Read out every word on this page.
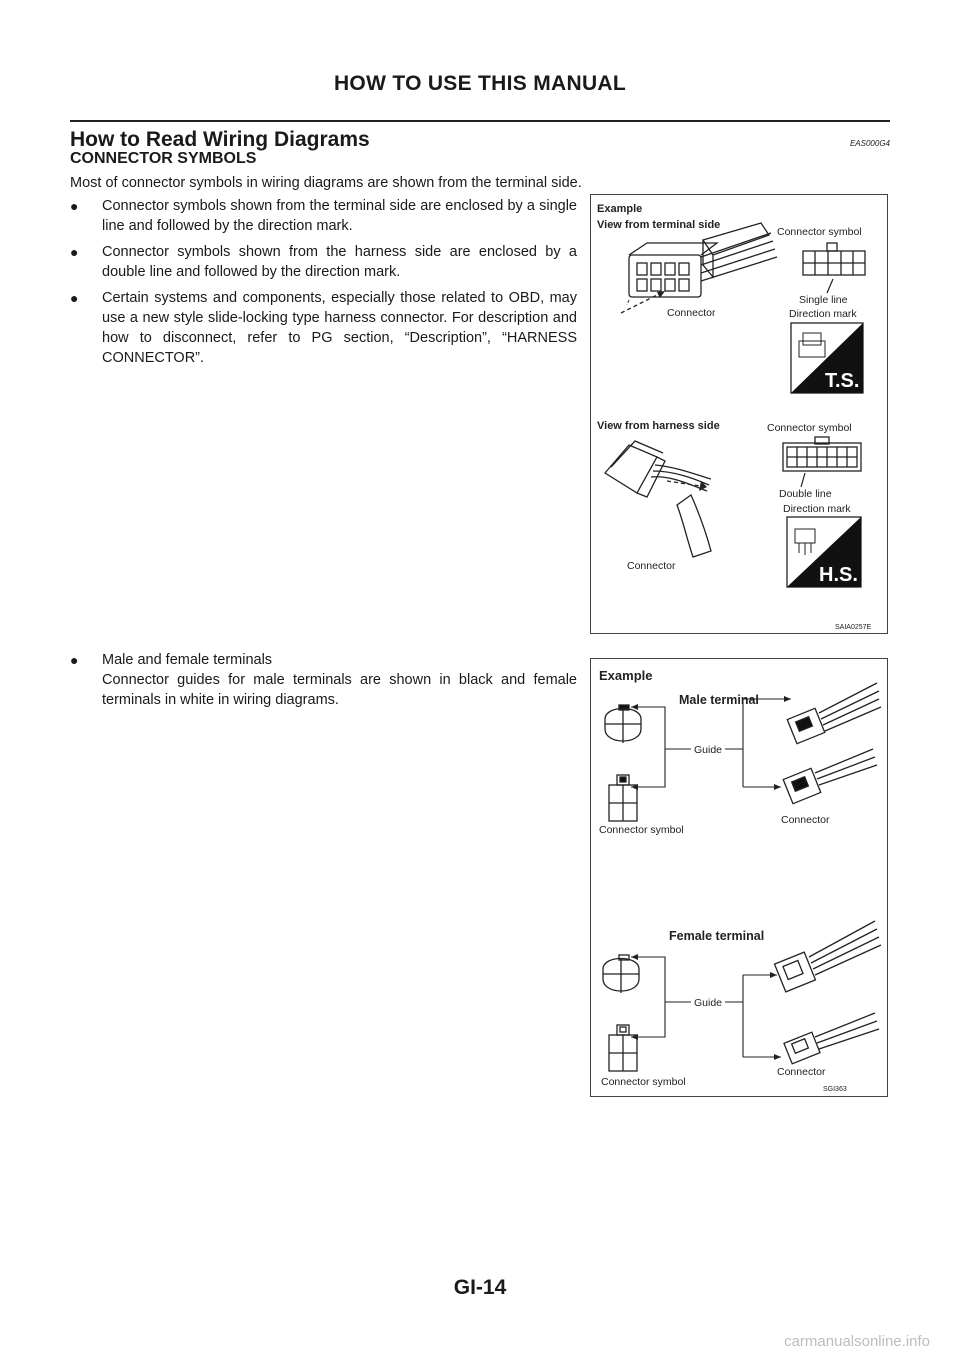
HOW TO USE THIS MANUAL
How to Read Wiring Diagrams	EAS000G4
CONNECTOR SYMBOLS
Most of connector symbols in wiring diagrams are shown from the terminal side.
● Connector symbols shown from the terminal side are enclosed by a single line and followed by the direction mark.
● Connector symbols shown from the harness side are enclosed by a double line and followed by the direction mark.
● Certain systems and components, especially those related to OBD, may use a new style slide-locking type harness connector. For description and how to disconnect, refer to PG section, “Description”, “HARNESS CONNECTOR”.
● Male and female terminals
Connector guides for male terminals are shown in black and female terminals in white in wiring diagrams.
Example
View from terminal side
Connector
Connector symbol
Single line
Direction mark
T.S.
View from harness side
Connector
Connector symbol
Double line
Direction mark
H.S.
SAIA0257E
Example
Male terminal
Guide
Connector symbol
Connector
Female terminal
Guide
Connector symbol
Connector
SGI363
GI-14
carmanualsonline.info
